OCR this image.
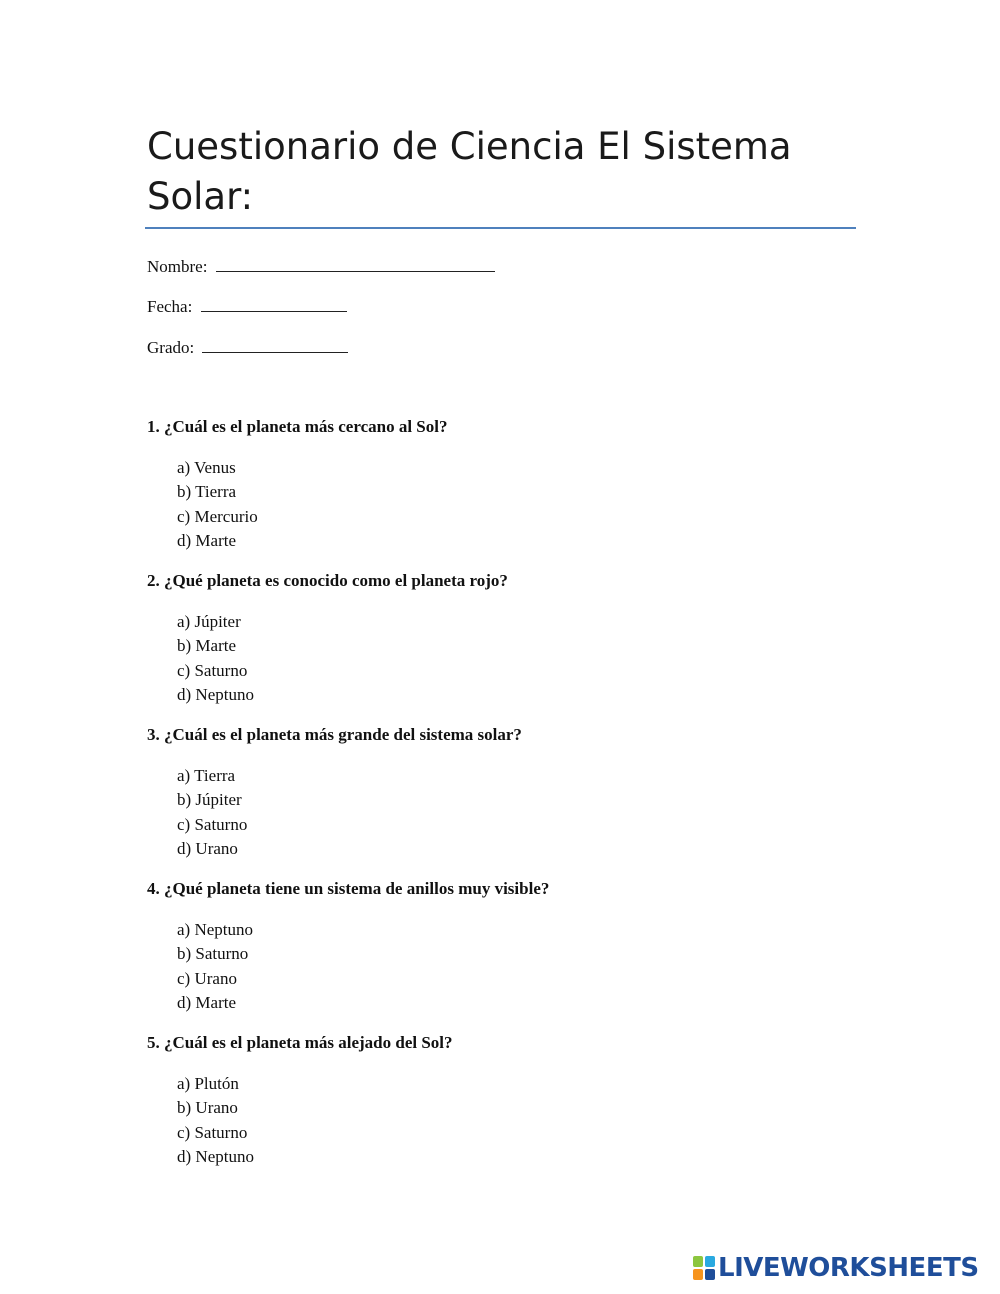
Cuestionario de Ciencia El Sistema Solar:
Nombre:
Fecha:
Grado:
1. ¿Cuál es el planeta más cercano al Sol?
a) Venus
b) Tierra
c) Mercurio
d) Marte
2. ¿Qué planeta es conocido como el planeta rojo?
a) Júpiter
b) Marte
c) Saturno
d) Neptuno
3. ¿Cuál es el planeta más grande del sistema solar?
a) Tierra
b) Júpiter
c) Saturno
d) Urano
4. ¿Qué planeta tiene un sistema de anillos muy visible?
a) Neptuno
b) Saturno
c) Urano
d) Marte
5. ¿Cuál es el planeta más alejado del Sol?
a) Plutón
b) Urano
c) Saturno
d) Neptuno
LIVEWORKSHEETS
